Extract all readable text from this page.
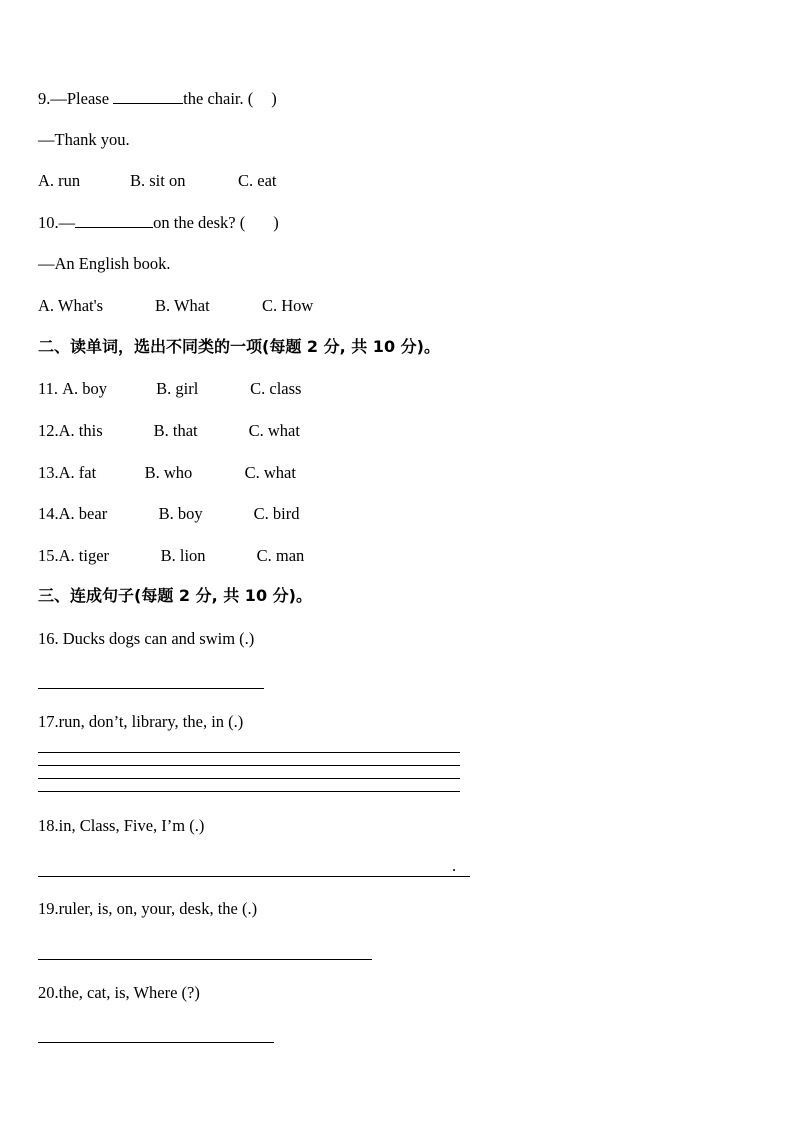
9.—Please	the chair. ( )
—Thank you.
A. run	B. sit on	C. eat
10.—	on the desk? ( )
—An English book.
A. What's	B. What	C. How
二、读单词，选出不同类的一项(每题 2 分, 共 10 分)。
11. A. boy	B. girl	C. class
12.A. this	B. that	C. what
13.A. fat	B. who	C. what
14.A. bear	B. boy	C. bird
15.A. tiger	B. lion	C. man
三、连成句子(每题 2 分, 共 10 分)。
16. Ducks dogs can and swim (.)
17.run, don’t, library, the, in (.)
18.in, Class, Five, I’m (.)
.
19.ruler, is, on, your, desk, the (.)
20.the, cat, is, Where (?)
